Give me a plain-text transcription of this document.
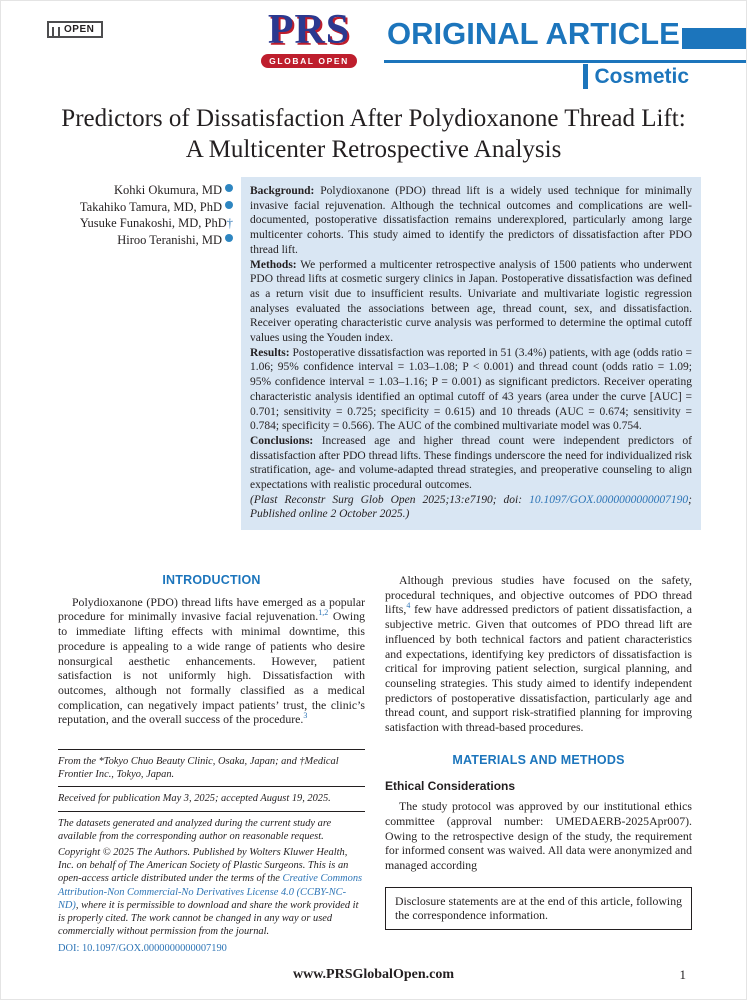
OPEN	PRS
GLOBAL OPEN
ORIGINAL ARTICLE
Cosmetic
Predictors of Dissatisfaction After Polydioxanone Thread Lift: A Multicenter Retrospective Analysis
Kohki Okumura, MD
Takahiko Tamura, MD, PhD
Yusuke Funakoshi, MD, PhD†
Hiroo Teranishi, MD

Background: Polydioxanone (PDO) thread lift is a widely used technique for minimally invasive facial rejuvenation. Although the technical outcomes and complications are well-documented, postoperative dissatisfaction remains underexplored, particularly among large multicenter cohorts. This study aimed to identify the predictors of dissatisfaction after PDO thread lift.

Methods: We performed a multicenter retrospective analysis of 1500 patients who underwent PDO thread lifts at cosmetic surgery clinics in Japan. Postoperative dissatisfaction was defined as a return visit due to insufficient results. Univariate and multivariate logistic regression analyses evaluated the associations between age, thread count, sex, and dissatisfaction. Receiver operating characteristic curve analysis was performed to determine the optimal cutoff values using the Youden index.

Results: Postoperative dissatisfaction was reported in 51 (3.4%) patients, with age (odds ratio = 1.06; 95% confidence interval = 1.03–1.08; P < 0.001) and thread count (odds ratio = 1.09; 95% confidence interval = 1.03–1.16; P = 0.001) as significant predictors. Receiver operating characteristic analysis identified an optimal cutoff of 43 years (area under the curve [AUC] = 0.701; sensitivity = 0.725; specificity = 0.615) and 10 threads (AUC = 0.674; sensitivity = 0.784; specificity = 0.566). The AUC of the combined multivariate model was 0.754.

Conclusions: Increased age and higher thread count were independent predictors of dissatisfaction after PDO thread lifts. These findings underscore the need for individualized risk stratification, age- and volume-adapted thread strategies, and preoperative counseling to align expectations with realistic procedural outcomes.

(Plast Reconstr Surg Glob Open 2025;13:e7190; doi: 10.1097/GOX.0000000000007190; Published online 2 October 2025.)

INTRODUCTION

Polydioxanone (PDO) thread lifts have emerged as a popular procedure for minimally invasive facial rejuvenation.$^{1,2}$ Owing to immediate lifting effects with minimal downtime, this procedure is appealing to a wide range of patients who desire nonsurgical aesthetic enhancements. However, patient satisfaction is not uniformly high. Dissatisfaction with outcomes, although not formally classified as a medical complication, can negatively impact patients’ trust, the clinic’s reputation, and the overall success of the procedure.$^3$

From the *Tokyo Chuo Beauty Clinic, Osaka, Japan; and †Medical Frontier Inc., Tokyo, Japan.

Received for publication May 3, 2025; accepted August 19, 2025.

The datasets generated and analyzed during the current study are available from the corresponding author on reasonable request.

Copyright © 2025 The Authors. Published by Wolters Kluwer Health, Inc. on behalf of The American Society of Plastic Surgeons. This is an open-access article distributed under the terms of the Creative Commons Attribution-Non Commercial-No Derivatives License 4.0 (CCBY-NC-ND), where it is permissible to download and share the work provided it is properly cited. The work cannot be changed in any way or used commercially without permission from the journal.

DOI: 10.1097/GOX.0000000000007190

Although previous studies have focused on the safety, procedural techniques, and objective outcomes of PDO thread lifts,$^4$ few have addressed predictors of patient dissatisfaction, a subjective metric. Given that outcomes of PDO thread lift are influenced by both technical factors and patient characteristics and expectations, identifying key predictors of dissatisfaction is critical for improving patient selection, surgical planning, and counseling strategies. This study aimed to identify independent predictors of postoperative dissatisfaction, particularly age and thread count, and support risk-stratified planning for improving satisfaction with thread-based procedures.

MATERIALS AND METHODS
Ethical Considerations

The study protocol was approved by our institutional ethics committee (approval number: UMEDAERB-2025Apr007). Owing to the retrospective design of the study, the requirement for informed consent was waived. All data were anonymized and managed according

Disclosure statements are at the end of this article, following the correspondence information.
www.PRSGlobalOpen.com	1
